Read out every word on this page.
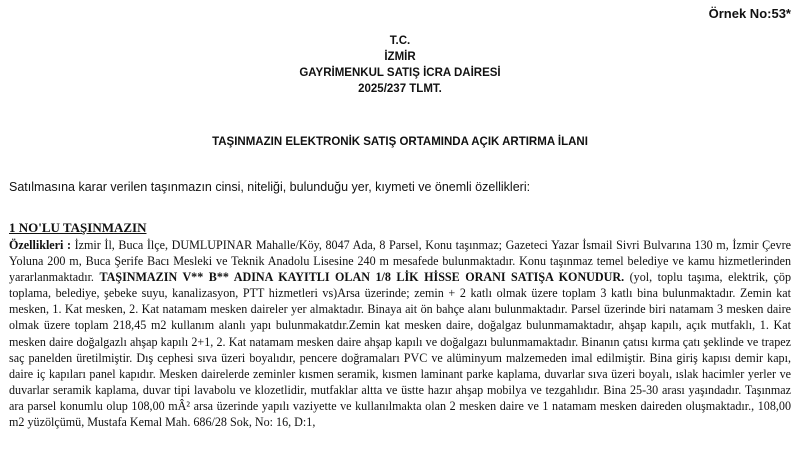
Örnek No:53*
T.C.
İZMİR
GAYRİMENKUL SATIŞ İCRA DAİRESİ
2025/237 TLMT.
TAŞINMAZIN ELEKTRONİK SATIŞ ORTAMINDA AÇIK ARTIRMA İLANI
Satılmasına karar verilen taşınmazın cinsi, niteliği, bulunduğu yer, kıymeti ve önemli özellikleri:
1 NO'LU TAŞINMAZIN

Özellikleri : İzmir İl, Buca İlçe, DUMLUPINAR Mahalle/Köy, 8047 Ada, 8 Parsel, Konu taşınmaz; Gazeteci Yazar İsmail Sivri Bulvarına 130 m, İzmir Çevre Yoluna 200 m, Buca Şerife Bacı Mesleki ve Teknik Anadolu Lisesine 240 m mesafede bulunmaktadır. Konu taşınmaz temel belediye ve kamu hizmetlerinden yararlanmaktadır. TAŞINMAZIN V** B** ADINA KAYITLI OLAN 1/8 LİK HİSSE ORANI SATIŞA KONUDUR. (yol, toplu taşıma, elektrik, çöp toplama, belediye, şebeke suyu, kanalizasyon, PTT hizmetleri vs)Arsa üzerinde; zemin + 2 katlı olmak üzere toplam 3 katlı bina bulunmaktadır. Zemin kat mesken, 1. Kat mesken, 2. Kat natamam mesken daireler yer almaktadır. Binaya ait ön bahçe alanı bulunmaktadır. Parsel üzerinde biri natamam 3 mesken daire olmak üzere toplam 218,45 m2 kullanım alanlı yapı bulunmakatdır.Zemin kat mesken daire, doğalgaz bulunmamaktadır, ahşap kapılı, açık mutfaklı, 1. Kat mesken daire doğalgazlı ahşap kapılı 2+1, 2. Kat natamam mesken daire ahşap kapılı ve doğalgazı bulunmamaktadır. Binanın çatısı kırma çatı şeklinde ve trapez saç panelden üretilmiştir. Dış cephesi sıva üzeri boyalıdır, pencere doğramaları PVC ve alüminyum malzemeden imal edilmiştir. Bina giriş kapısı demir kapı, daire iç kapıları panel kapıdır. Mesken dairelerde zeminler kısmen seramik, kısmen laminant parke kaplama, duvarlar sıva üzeri boyalı, ıslak hacimler yerler ve duvarlar seramik kaplama, duvar tipi lavabolu ve klozetlidir, mutfaklar altta ve üstte hazır ahşap mobilya ve tezgahlıdır. Bina 25-30 arası yaşındadır. Taşınmaz ara parsel konumlu olup 108,00 mÂ² arsa üzerinde yapılı vaziyette ve kullanılmakta olan 2 mesken daire ve 1 natamam mesken daireden oluşmaktadır., 108,00 m2 yüzölçümü, Mustafa Kemal Mah. 686/28 Sok, No: 16, D:1,
